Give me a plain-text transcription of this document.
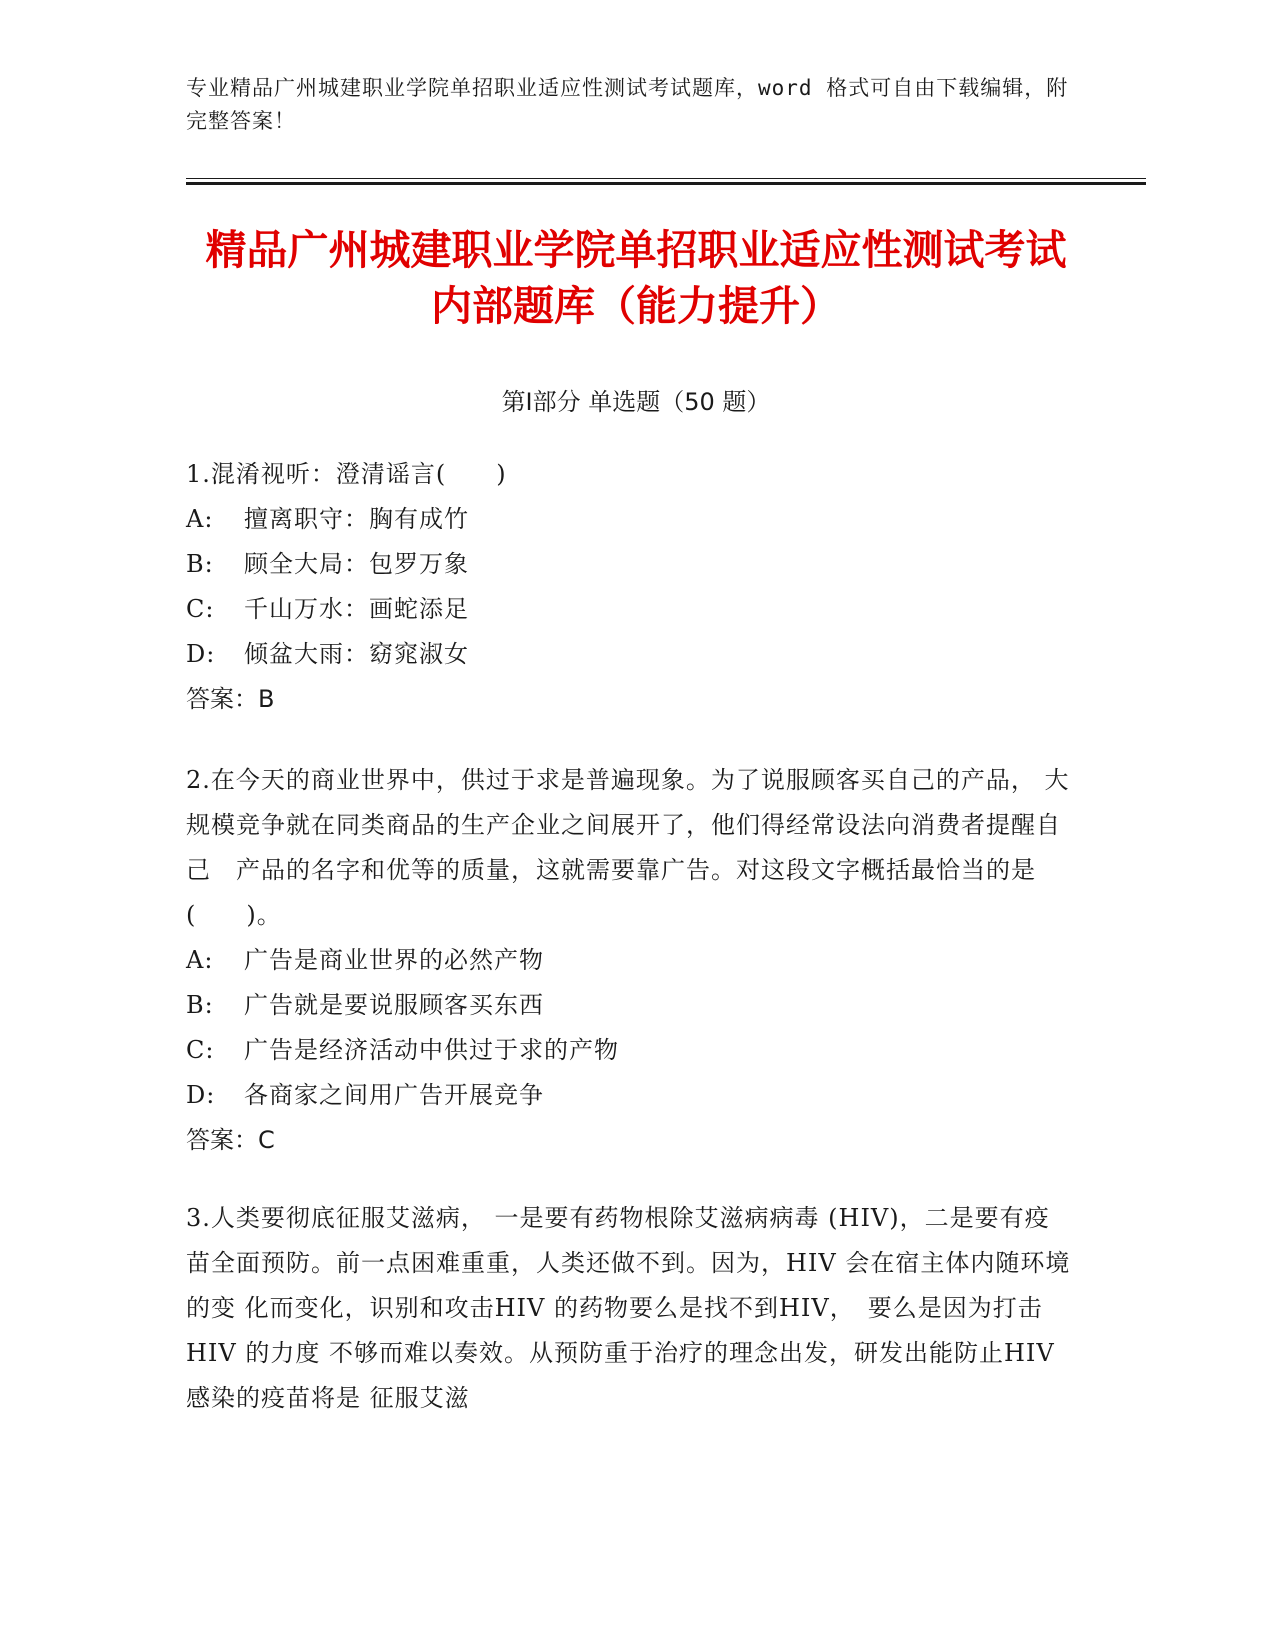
专业精品广州城建职业学院单招职业适应性测试考试题库，word 格式可自由下载编辑，附完整答案！
精品广州城建职业学院单招职业适应性测试考试内部题库（能力提升）
第Ⅰ部分 单选题（50 题）
1.混淆视听：澄清谣言(　　)
A: 擅离职守：胸有成竹
B: 顾全大局：包罗万象
C: 千山万水：画蛇添足
D: 倾盆大雨：窈窕淑女
答案：B
2.在今天的商业世界中，供过于求是普遍现象。为了说服顾客买自己的产品， 大规模竞争就在同类商品的生产企业之间展开了，他们得经常设法向消费者提醒自己　产品的名字和优等的质量，这就需要靠广告。对这段文字概括最恰当的是(　　)。
A: 广告是商业世界的必然产物
B: 广告就是要说服顾客买东西
C: 广告是经济活动中供过于求的产物
D: 各商家之间用广告开展竞争
答案：C
3.人类要彻底征服艾滋病， 一是要有药物根除艾滋病病毒 (HIV)，二是要有疫　苗全面预防。前一点困难重重，人类还做不到。因为，HIV 会在宿主体内随环境的变 化而变化，识别和攻击HIV 的药物要么是找不到HIV，　要么是因为打击HIV 的力度 不够而难以奏效。从预防重于治疗的理念出发，研发出能防止HIV 感染的疫苗将是 征服艾滋
